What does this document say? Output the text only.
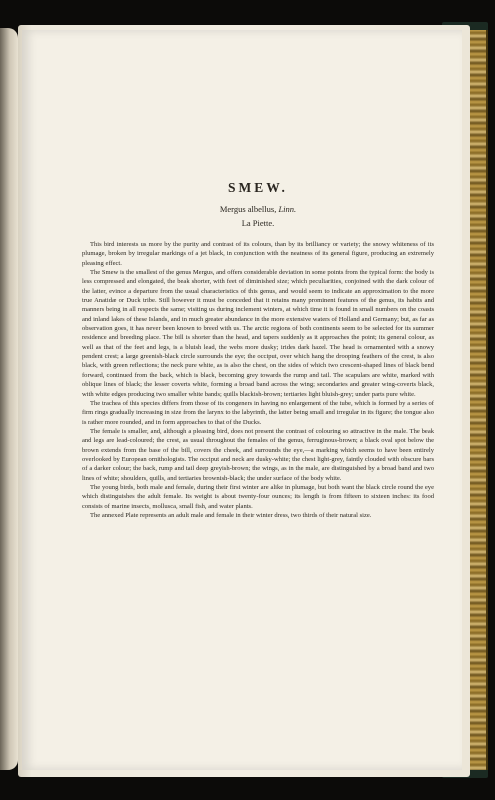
SMEW.

Mergus albellus, Linn.

La Piette.

This bird interests us more by the purity and contrast of its colours, than by its brilliancy or variety; the snowy whiteness of its plumage, broken by irregular markings of a jet black, in conjunction with the neatness of its general figure, producing an extremely pleasing effect.

The Smew is the smallest of the genus Mergus, and offers considerable deviation in some points from the typical form: the body is less compressed and elongated, the beak shorter, with feet of diminished size; which peculiarities, conjoined with the dark colour of the latter, evince a departure from the usual characteristics of this genus, and would seem to indicate an approximation to the more true Anatidæ or Duck tribe. Still however it must be conceded that it retains many prominent features of the genus, its habits and manners being in all respects the same; visiting us during inclement winters, at which time it is found in small numbers on the coasts and inland lakes of these Islands, and in much greater abundance in the more extensive waters of Holland and Germany; but, as far as observation goes, it has never been known to breed with us. The arctic regions of both continents seem to be selected for its summer residence and breeding place. The bill is shorter than the head, and tapers suddenly as it approaches the point; its general colour, as well as that of the feet and legs, is a bluish lead, the webs more dusky; irides dark hazel. The head is ornamented with a snowy pendent crest; a large greenish-black circle surrounds the eye; the occiput, over which hang the drooping feathers of the crest, is also black, with green reflections; the neck pure white, as is also the chest, on the sides of which two crescent-shaped lines of black bend forward, continued from the back, which is black, becoming grey towards the rump and tail. The scapulars are white, marked with oblique lines of black; the lesser coverts white, forming a broad band across the wing; secondaries and greater wing-coverts black, with white edges producing two smaller white bands; quills blackish-brown; tertiaries light bluish-grey; under parts pure white.

The trachea of this species differs from those of its congeners in having no enlargement of the tube, which is formed by a series of firm rings gradually increasing in size from the larynx to the labyrinth, the latter being small and irregular in its figure; the tongue also is rather more rounded, and in form approaches to that of the Ducks.

The female is smaller, and, although a pleasing bird, does not present the contrast of colouring so attractive in the male. The beak and legs are lead-coloured; the crest, as usual throughout the females of the genus, ferruginous-brown; a black oval spot below the brown extends from the base of the bill, covers the cheek, and surrounds the eye,—a marking which seems to have been entirely overlooked by European ornithologists. The occiput and neck are dusky-white; the chest light-grey, faintly clouded with obscure bars of a darker colour; the back, rump and tail deep greyish-brown; the wings, as in the male, are distinguished by a broad band and two lines of white; shoulders, quills, and tertiaries brownish-black; the under surface of the body white.

The young birds, both male and female, during their first winter are alike in plumage, but both want the black circle round the eye which distinguishes the adult female. Its weight is about twenty-four ounces; its length is from fifteen to sixteen inches: its food consists of marine insects, mollusca, small fish, and water plants.

The annexed Plate represents an adult male and female in their winter dress, two thirds of their natural size.
